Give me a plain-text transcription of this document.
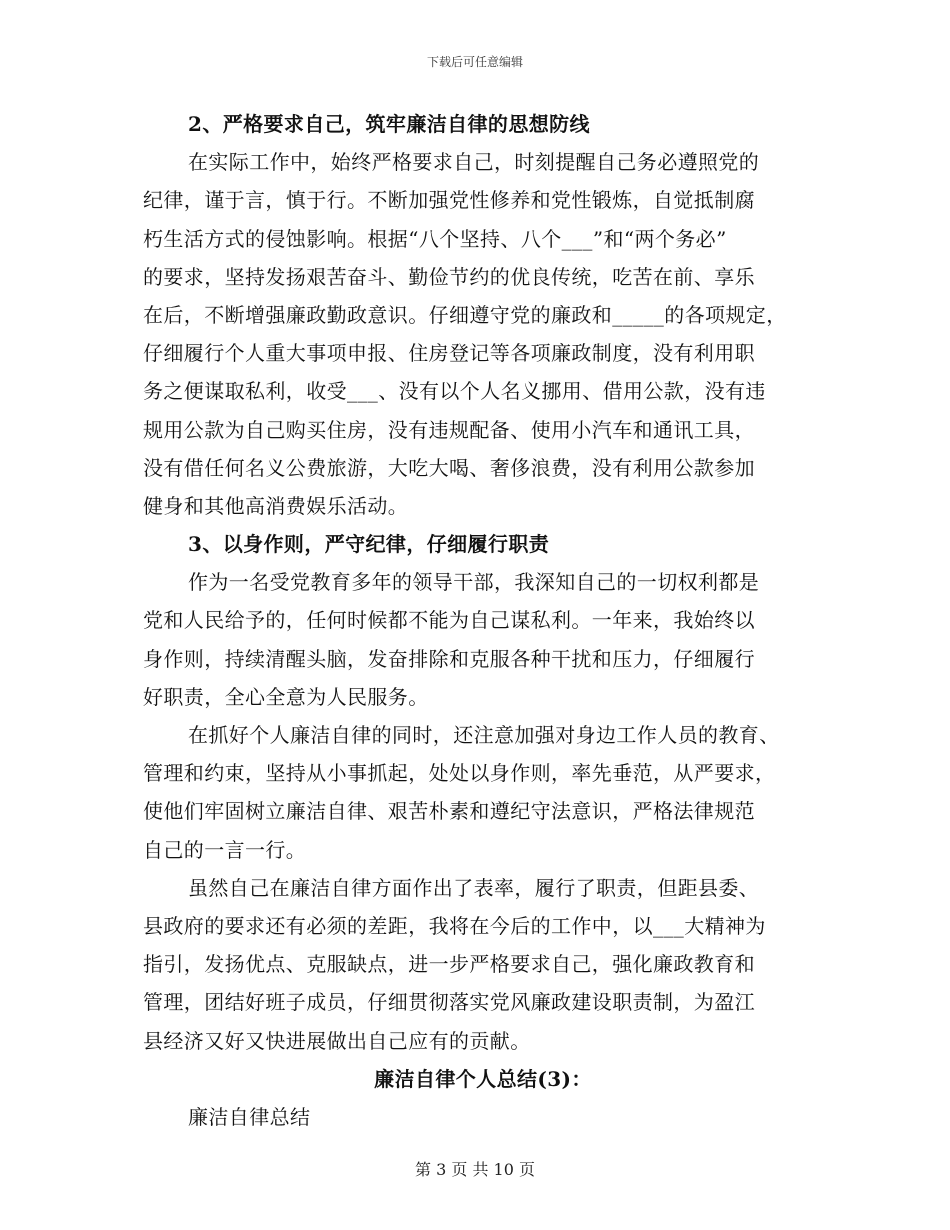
下载后可任意编辑
2、严格要求自己，筑牢廉洁自律的思想防线
在实际工作中，始终严格要求自己，时刻提醒自己务必遵照党的
纪律，谨于言，慎于行。不断加强党性修养和党性锻炼，自觉抵制腐
朽生活方式的侵蚀影响。根据“八个坚持、八个___”和“两个务必”
的要求，坚持发扬艰苦奋斗、勤俭节约的优良传统，吃苦在前、享乐
在后，不断增强廉政勤政意识。仔细遵守党的廉政和_____的各项规定，
仔细履行个人重大事项申报、住房登记等各项廉政制度，没有利用职
务之便谋取私利，收受___、没有以个人名义挪用、借用公款，没有违
规用公款为自己购买住房，没有违规配备、使用小汽车和通讯工具，
没有借任何名义公费旅游，大吃大喝、奢侈浪费，没有利用公款参加
健身和其他高消费娱乐活动。
3、以身作则，严守纪律，仔细履行职责
作为一名受党教育多年的领导干部，我深知自己的一切权利都是
党和人民给予的，任何时候都不能为自己谋私利。一年来，我始终以
身作则，持续清醒头脑，发奋排除和克服各种干扰和压力，仔细履行
好职责，全心全意为人民服务。
在抓好个人廉洁自律的同时，还注意加强对身边工作人员的教育、
管理和约束，坚持从小事抓起，处处以身作则，率先垂范，从严要求，
使他们牢固树立廉洁自律、艰苦朴素和遵纪守法意识，严格法律规范
自己的一言一行。
虽然自己在廉洁自律方面作出了表率，履行了职责，但距县委、
县政府的要求还有必须的差距，我将在今后的工作中，以___大精神为
指引，发扬优点、克服缺点，进一步严格要求自己，强化廉政教育和
管理，团结好班子成员，仔细贯彻落实党风廉政建设职责制，为盈江
县经济又好又快进展做出自己应有的贡献。
廉洁自律个人总结(3)：
廉洁自律总结
第 3 页 共 10 页
